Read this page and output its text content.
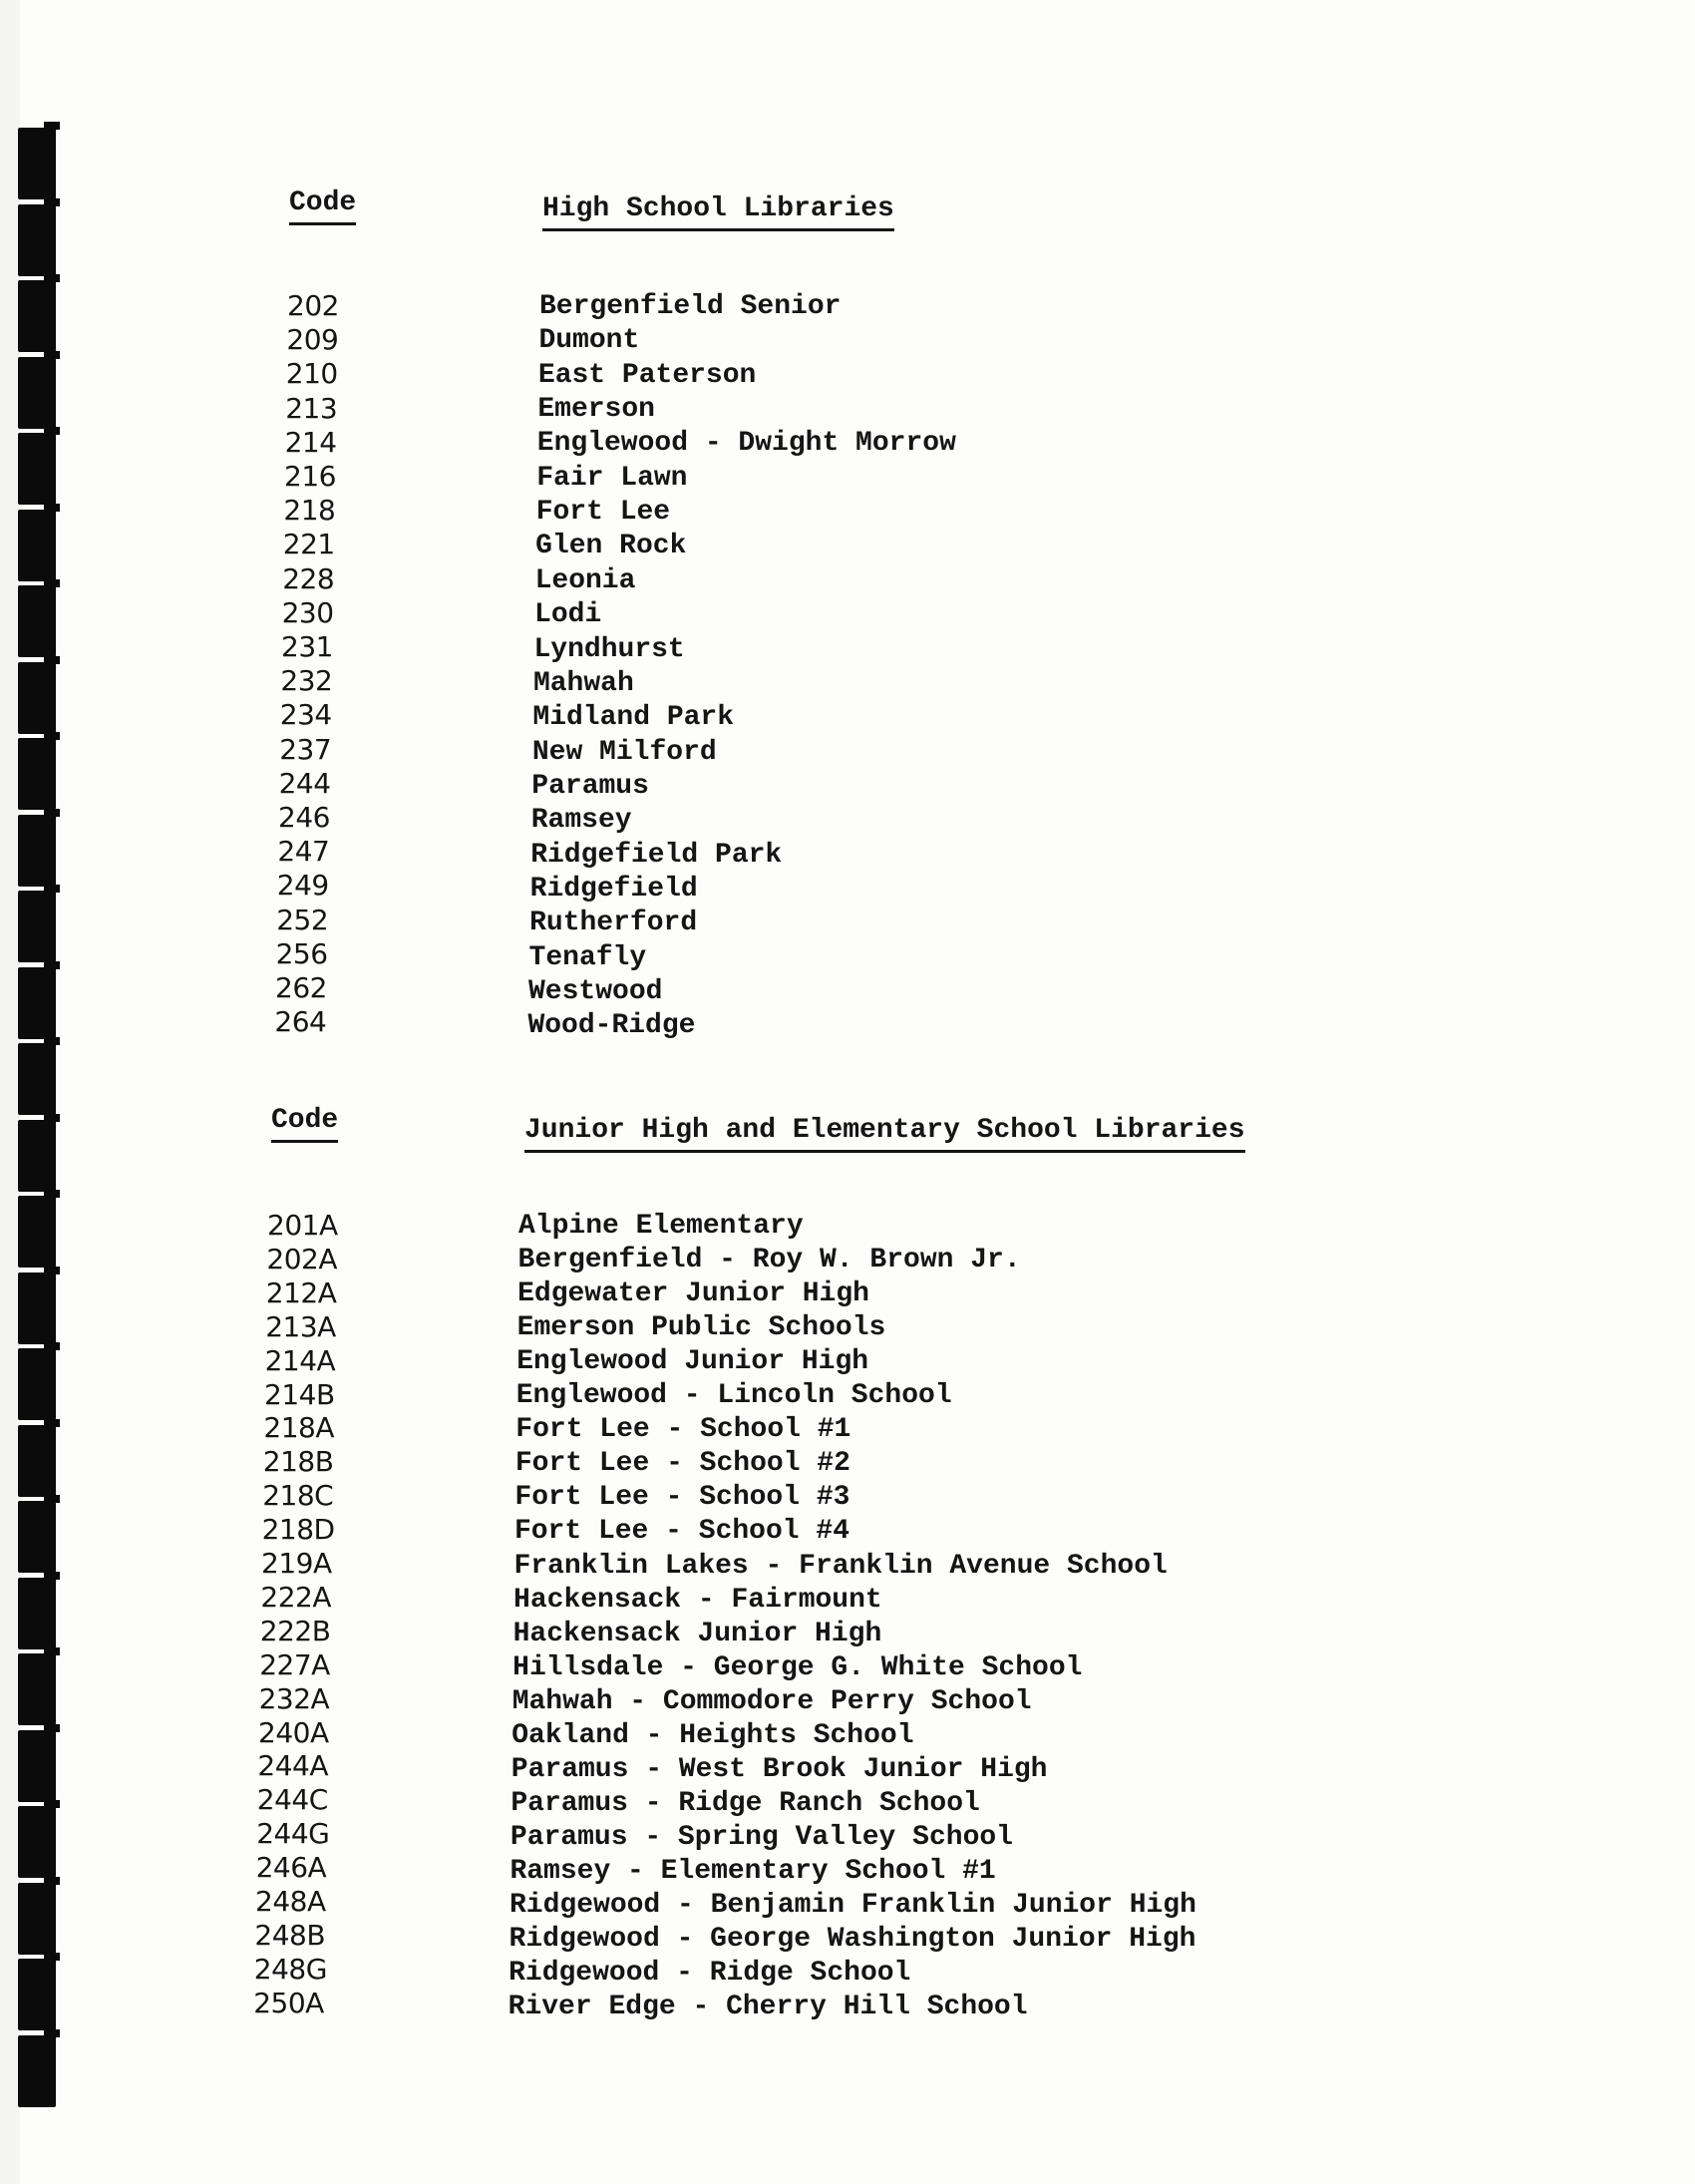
Code	High School Libraries
202	Bergenfield Senior
209	Dumont
210	East Paterson
213	Emerson
214	Englewood - Dwight Morrow
216	Fair Lawn
218	Fort Lee
221	Glen Rock
228	Leonia
230	Lodi
231	Lyndhurst
232	Mahwah
234	Midland Park
237	New Milford
244	Paramus
246	Ramsey
247	Ridgefield Park
249	Ridgefield
252	Rutherford
256	Tenafly
262	Westwood
264	Wood-Ridge
Code	Junior High and Elementary School Libraries
201A	Alpine Elementary
202A	Bergenfield - Roy W. Brown Jr.
212A	Edgewater Junior High
213A	Emerson Public Schools
214A	Englewood Junior High
214B	Englewood - Lincoln School
218A	Fort Lee - School #1
218B	Fort Lee - School #2
218C	Fort Lee - School #3
218D	Fort Lee - School #4
219A	Franklin Lakes - Franklin Avenue School
222A	Hackensack - Fairmount
222B	Hackensack Junior High
227A	Hillsdale - George G. White School
232A	Mahwah - Commodore Perry School
240A	Oakland - Heights School
244A	Paramus - West Brook Junior High
244C	Paramus - Ridge Ranch School
244G	Paramus - Spring Valley School
246A	Ramsey - Elementary School #1
248A	Ridgewood - Benjamin Franklin Junior High
248B	Ridgewood - George Washington Junior High
248G	Ridgewood - Ridge School
250A	River Edge - Cherry Hill School
